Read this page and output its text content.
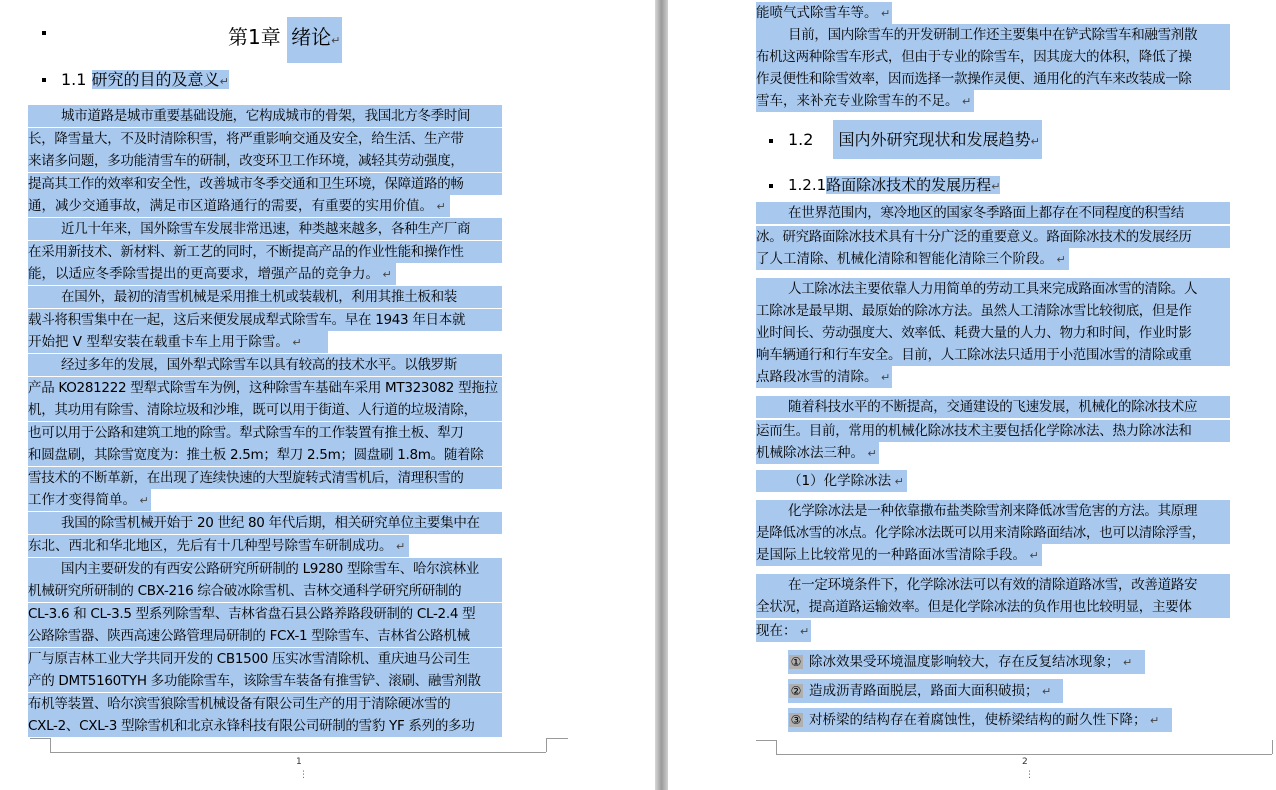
第1章 绪论↵
1.1 研究的目的及意义↵
城市道路是城市重要基础设施，它构成城市的骨架，我国北方冬季时间
长，降雪量大，不及时清除积雪，将严重影响交通及安全，给生活、生产带
来诸多问题，多功能清雪车的研制，改变环卫工作环境，减轻其劳动强度，
提高其工作的效率和安全性，改善城市冬季交通和卫生环境，保障道路的畅
通，减少交通事故，满足市区道路通行的需要，有重要的实用价值。 ↵
近几十年来，国外除雪车发展非常迅速，种类越来越多，各种生产厂商
在采用新技术、新材料、新工艺的同时，不断提高产品的作业性能和操作性
能，以适应冬季除雪提出的更高要求，增强产品的竞争力。 ↵
在国外，最初的清雪机械是采用推土机或装载机，利用其推土板和装
载斗将积雪集中在一起，这后来便发展成犁式除雪车。早在 1943 年日本就
开始把 V 型犁安装在载重卡车上用于除雪。 ↵
经过多年的发展，国外犁式除雪车以具有较高的技术水平。以俄罗斯
产品 KO281222 型犁式除雪车为例，这种除雪车基础车采用 MT323082 型拖拉
机，其功用有除雪、清除垃圾和沙堆，既可以用于街道、人行道的垃圾清除，
也可以用于公路和建筑工地的除雪。犁式除雪车的工作装置有推土板、犁刀
和圆盘刷，其除雪宽度为：推土板 2.5m；犁刀 2.5m；圆盘刷 1.8m。随着除
雪技术的不断革新，在出现了连续快速的大型旋转式清雪机后，清理积雪的
工作才变得简单。 ↵
我国的除雪机械开始于 20 世纪 80 年代后期，相关研究单位主要集中在
东北、西北和华北地区，先后有十几种型号除雪车研制成功。 ↵
国内主要研发的有西安公路研究所研制的 L9280 型除雪车、哈尔滨林业
机械研究所研制的 CBX-216 综合破冰除雪机、吉林交通科学研究所研制的
CL-3.6 和 CL-3.5 型系列除雪犁、吉林省盘石县公路养路段研制的 CL-2.4 型
公路除雪器、陕西高速公路管理局研制的 FCX-1 型除雪车、吉林省公路机械
厂与原吉林工业大学共同开发的 CB1500 压实冰雪清除机、重庆迪马公司生
产的 DMT5160TYH 多功能除雪车，该除雪车装备有推雪铲、滚刷、融雪剂散
布机等装置、哈尔滨雪狼除雪机械设备有限公司生产的用于清除硬冰雪的
CXL-2、CXL-3 型除雪机和北京永锋科技有限公司研制的雪豹 YF 系列的多功
1
⋮
能喷气式除雪车等。 ↵
目前，国内除雪车的开发研制工作还主要集中在铲式除雪车和融雪剂散
布机这两种除雪车形式，但由于专业的除雪车，因其庞大的体积，降低了操
作灵便性和除雪效率，因而选择一款操作灵便、通用化的汽车来改装成一除
雪车，来补充专业除雪车的不足。 ↵
1.2 国内外研究现状和发展趋势↵
1.2.1路面除冰技术的发展历程↵
在世界范围内，寒冷地区的国家冬季路面上都存在不同程度的积雪结
冰。研究路面除冰技术具有十分广泛的重要意义。路面除冰技术的发展经历
了人工清除、机械化清除和智能化清除三个阶段。 ↵
人工除冰法主要依靠人力用简单的劳动工具来完成路面冰雪的清除。人
工除冰是最早期、最原始的除冰方法。虽然人工清除冰雪比较彻底，但是作
业时间长、劳动强度大、效率低、耗费大量的人力、物力和时间，作业时影
响车辆通行和行车安全。目前，人工除冰法只适用于小范围冰雪的清除或重
点路段冰雪的清除。 ↵
随着科技水平的不断提高，交通建设的飞速发展，机械化的除冰技术应
运而生。目前，常用的机械化除冰技术主要包括化学除冰法、热力除冰法和
机械除冰法三种。 ↵
（1）化学除冰法 ↵
化学除冰法是一种依靠撒布盐类除雪剂来降低冰雪危害的方法。其原理
是降低冰雪的冰点。化学除冰法既可以用来清除路面结冰，也可以清除浮雪，
是国际上比较常见的一种路面冰雪清除手段。 ↵
在一定环境条件下，化学除冰法可以有效的清除道路冰雪，改善道路安
全状况，提高道路运输效率。但是化学除冰法的负作用也比较明显，主要体
现在： ↵
① 除冰效果受环境温度影响较大，存在反复结冰现象； ↵
② 造成沥青路面脱层，路面大面积破损； ↵
③ 对桥梁的结构存在着腐蚀性，使桥梁结构的耐久性下降； ↵
2
⋮
